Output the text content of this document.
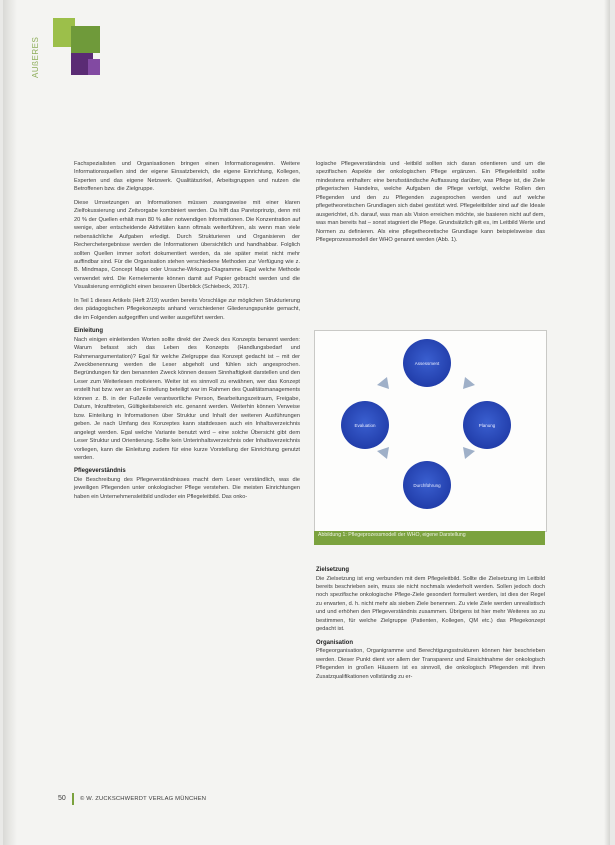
AUßERES

Fachspezialisten und Organisationen bringen einen Informationsgewinn. Weitere Informationsquellen sind der eigene Einsatzbereich, die eigene Einrichtung, Kollegen, Experten und das eigene Netzwerk. Qualitätszirkel, Arbeitsgruppen und nutzen die Betroffenen bzw. die Zielgruppe.

Diese Umsetzungen an Informationen müssen zwangsweise mit einer klaren Zielfokussierung und Zeitvorgabe kombiniert werden. Da hilft das Paretoprinzip, denn mit 20 % der Quellen erhält man 80 % aller notwendigen Informationen. Die Konzentration auf wenige, aber entscheidende Aktivitäten kann oftmals weiterführen, als wenn man viele nebensächliche Aufgaben erledigt. Durch Strukturieren und Organisieren der Recherchetergebnisse werden die Informationen übersichtlich und handhabbar. Folglich sollten Quellen immer sofort dokumentiert werden, da sie später meist nicht mehr auffindbar sind. Für die Organisation stehen verschiedene Methoden zur Verfügung wie z. B. Mindmaps, Concept Maps oder Ursache-Wirkungs-Diagramme. Egal welche Methode verwendet wird. Die Kernelemente können damit auf Papier gebracht werden und die Visualisierung ermöglicht einen besseren Überblick (Schiebeck, 2017).

In Teil 1 dieses Artikels (Heft 2/19) wurden bereits Vorschläge zur möglichen Strukturierung des pädagogischen Pflegekonzepts anhand verschiedener Gliederungspunkte gemacht, die im Folgenden aufgegriffen und weiter ausgeführt werden.

Einleitung

Nach einigen einleitenden Worten sollte direkt der Zweck des Konzepts benannt werden: Warum befasst sich das Leben des Konzepts (Handlungsbedarf und Rahmenargumentation)? Egal für welche Zielgruppe das Konzept gedacht ist – mit der Zweckbenennung werden die Leser abgeholt und fühlen sich angesprochen. Begründungen für den benannten Zweck können dessen Sinnhaftigkeit darstellen und den Leser zum Weiterlesen motivieren. Weiter ist es sinnvoll zu erwähnen, wer das Konzept erstellt hat bzw. wer an der Erstellung beteiligt war im Rahmen des Qualitätsmanagements können z. B. in der Fußzeile verantwortliche Person, Bearbeitungszeitraum, Freigabe, Datum, Inkrafttreten, Gültigkeitsbereich etc. genannt werden. Weiterhin können Verweise bzw. Einteilung in Informationen über Struktur und Inhalt der weiteren Ausführungen geben. Je nach Umfang des Konzeptes kann stattdessen auch ein Inhaltsverzeichnis angelegt werden. Egal welche Variante benutzt wird – eine solche Übersicht gibt dem Leser Struktur und Orientierung. Sollte kein Unterinhaltsverzeichnis oder Inhaltsverzeichnis vorliegen, kann die Einleitung zudem für eine kurze Vorstellung der Einrichtung genutzt werden.

Pflegeverständnis

Die Beschreibung des Pflegeverständnisses macht dem Leser verständlich, was die jeweiligen Pflegenden unter onkologischer Pflege verstehen. Die meisten Einrichtungen haben ein Unternehmensleitbild und/oder ein Pflegeleitbild. Das onko-

logische Pflegeverständnis und -leitbild sollten sich daran orientieren und um die spezifischen Aspekte der onkologischen Pflege ergänzen. Ein Pflegeleitbild sollte mindestens enthalten: eine berufsständische Auffassung darüber, was Pflege ist, die Ziele pflegerischen Handelns, welche Aufgaben die Pflege verfolgt, welche Rollen den Pflegenden und den zu Pflegenden zugesprochen werden und auf welche pflegetheoretischen Grundlagen sich dabei gestützt wird. Pflegeleitbilder sind auf die Ideale ausgerichtet, d.h. darauf, was man als Vision erreichen möchte, sie basieren nicht auf dem, was man bereits hat – sonst stagniert die Pflege. Grundsätzlich gilt es, im Leitbild Werte und Normen zu definieren. Als eine pflegetheoretische Grundlage kann beispielsweise das Pflegeprozessmodell der WHO genannt werden (Abb. 1).

Assessment
Planung
Durchführung
Evaluation
Abbildung 1: Pflegeprozessmodell der WHO, eigene Darstellung
Zielsetzung

Die Zielsetzung ist eng verbunden mit dem Pflegeleitbild. Sollte die Zielsetzung im Leitbild bereits beschrieben sein, muss sie nicht nochmals wiederholt werden. Sollen jedoch doch noch spezifische onkologische Pflege-Ziele gesondert formuliert werden, ist dies der Regel zu erwarten, d. h. nicht mehr als sieben Ziele benennen. Zu viele Ziele werden unrealistisch und und erhöhen den Pflegeverständnis zusammen. Übrigens ist hier mehr Weiteres so zu bestimmen, für welche Zielgruppe (Patienten, Kollegen, QM etc.) das Pflegekonzept gedacht ist.

Organisation

Pflegeorganisation, Organigramme und Berechtigungsstrukturen können hier beschrieben werden. Dieser Punkt dient vor allem der Transparenz und Einsichtnahme der onkologisch Pflegenden in großen Häusern ist es sinnvoll, die onkologisch Pflegenden mit ihren Zusatzqualifikationen vollständig zu er-

50 © W. ZUCKSCHWERDT VERLAG MÜNCHEN
